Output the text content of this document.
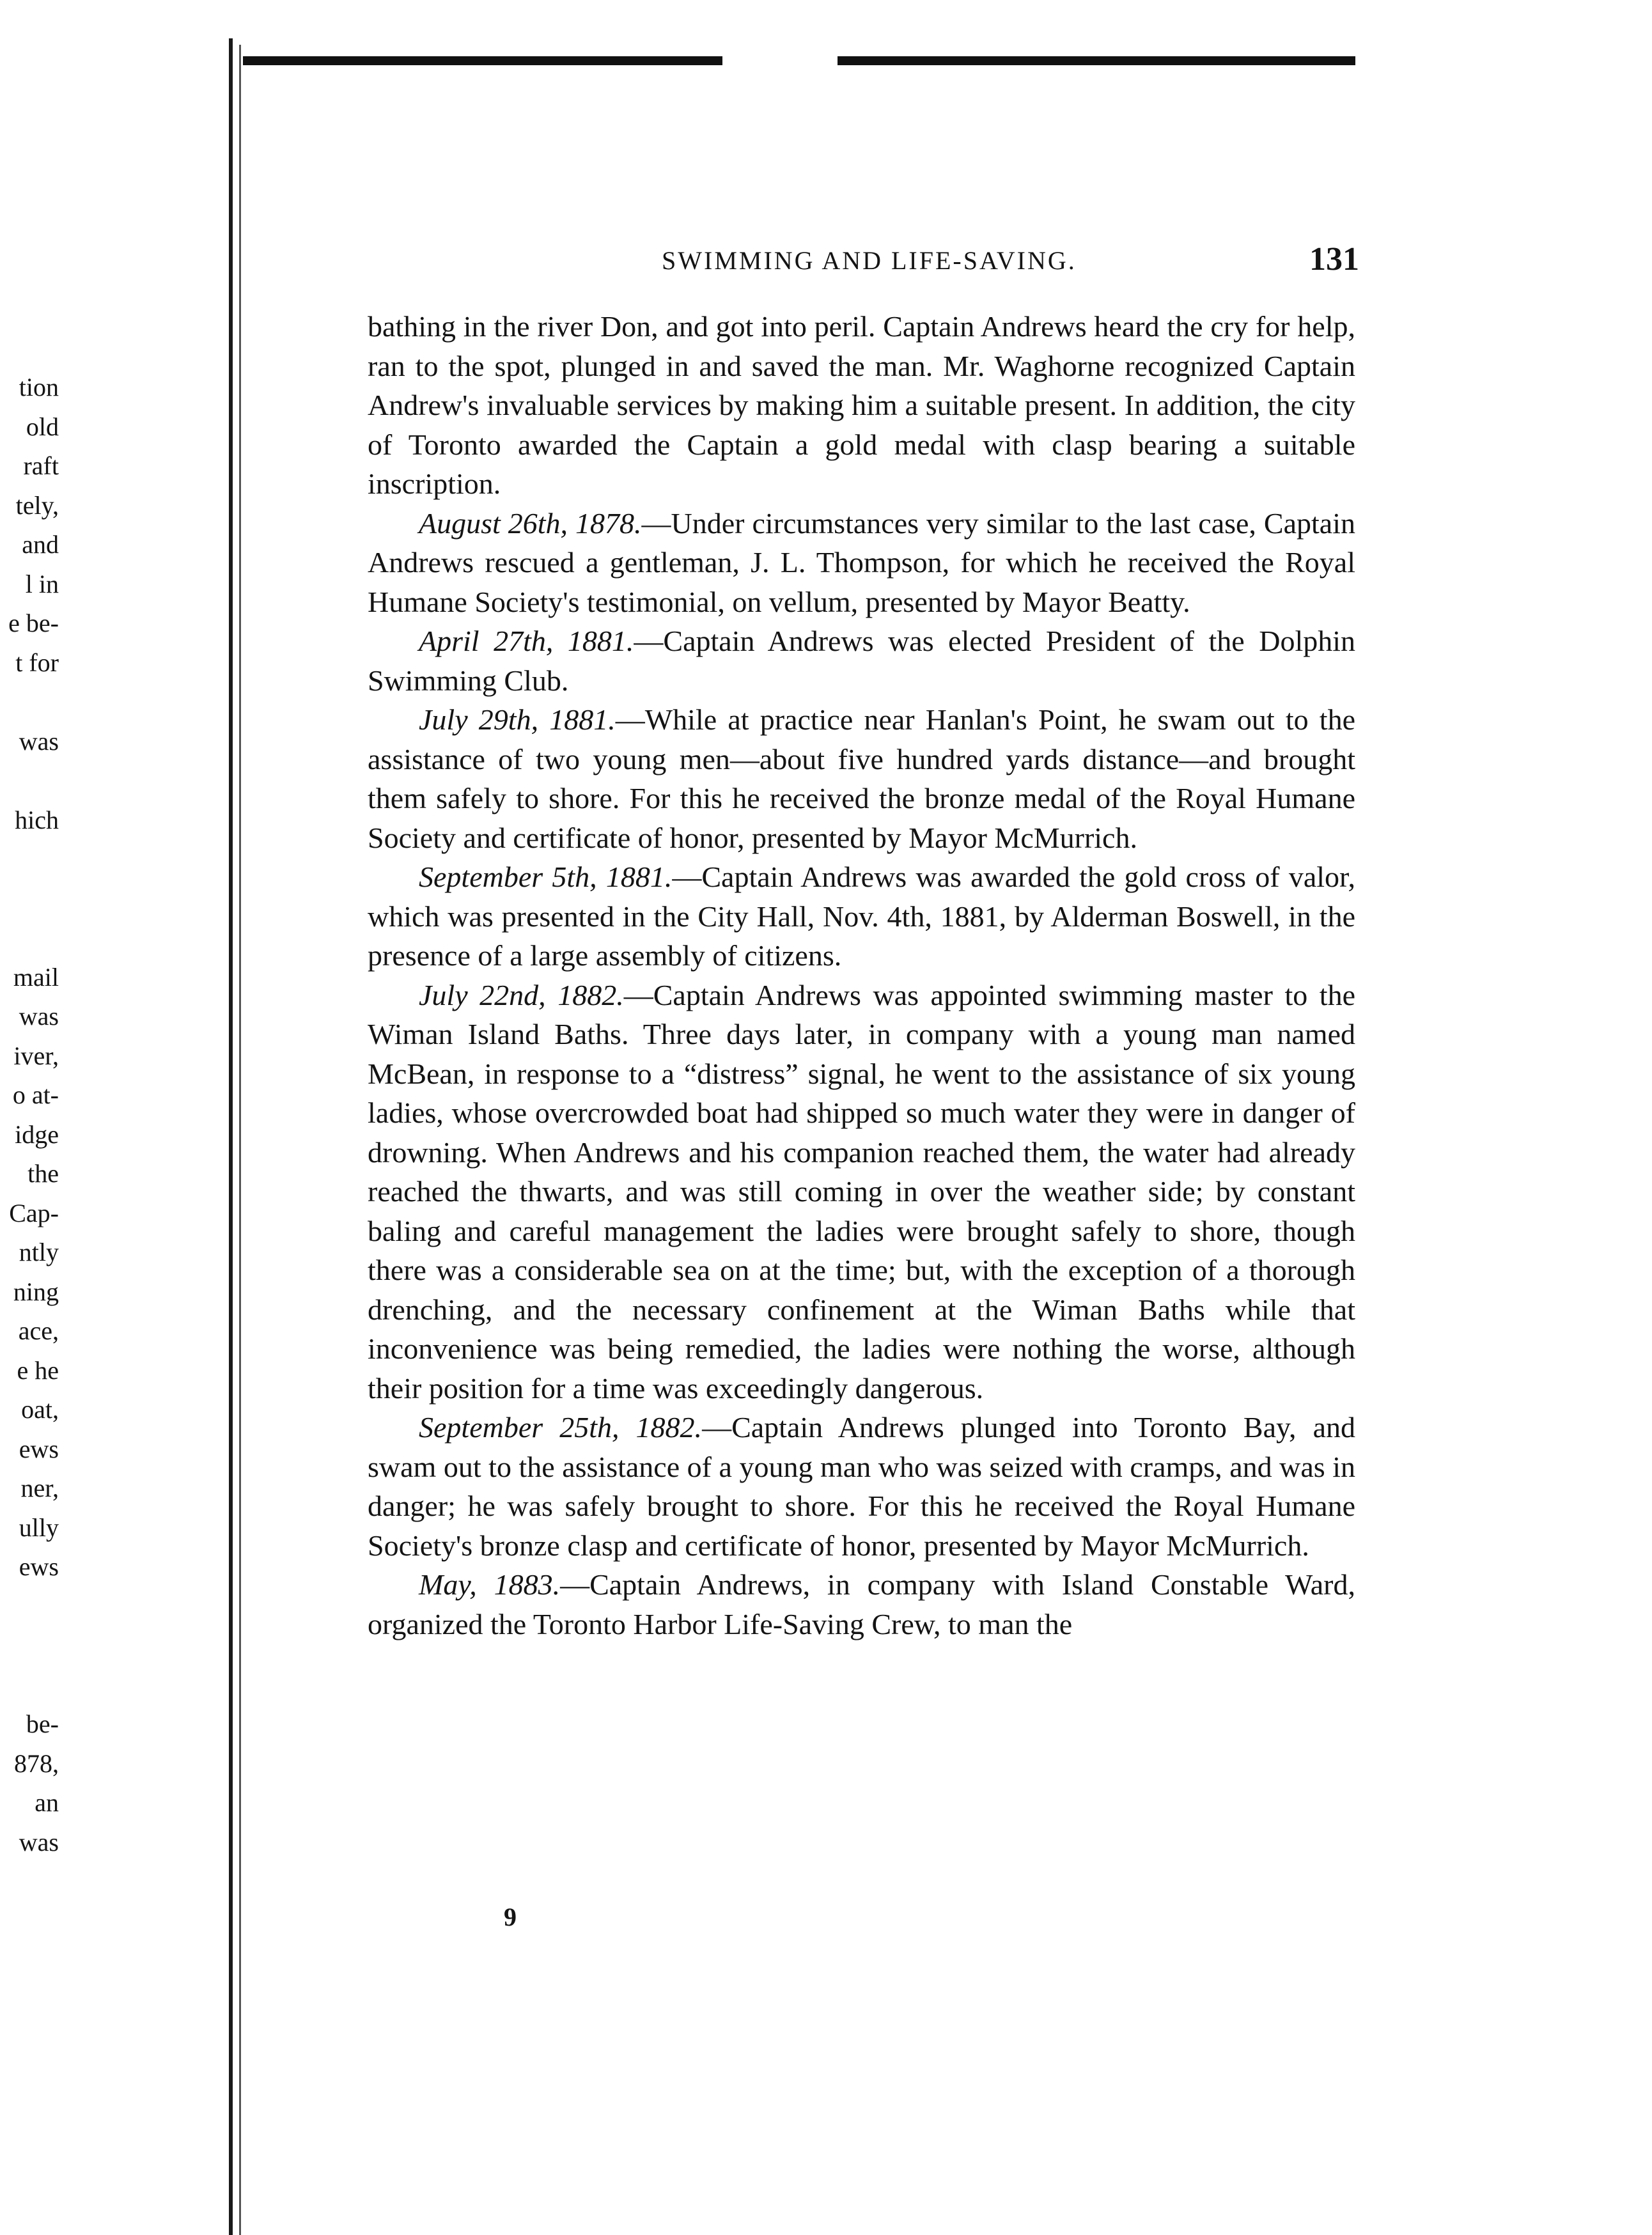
tion
old
raft
tely,
and
l in
e be-
t for
was
hich
mail
was
iver,
o at-
idge
the
Cap-
ntly
ning
ace,
e he
oat,
ews
ner,
ully
ews
be-
878,
an
was
SWIMMING AND LIFE-SAVING.	131

bathing in the river Don, and got into peril. Captain Andrews heard the cry for help, ran to the spot, plunged in and saved the man. Mr. Waghorne recognized Captain Andrew's invaluable services by making him a suitable present. In addition, the city of Toronto awarded the Captain a gold medal with clasp bearing a suitable inscription.

August 26th, 1878.—Under circumstances very similar to the last case, Captain Andrews rescued a gentleman, J. L. Thompson, for which he received the Royal Humane Society's testimonial, on vellum, presented by Mayor Beatty.

April 27th, 1881.—Captain Andrews was elected President of the Dolphin Swimming Club.

July 29th, 1881.—While at practice near Hanlan's Point, he swam out to the assistance of two young men—about five hundred yards distance—and brought them safely to shore. For this he received the bronze medal of the Royal Humane Society and certificate of honor, presented by Mayor McMurrich.

September 5th, 1881.—Captain Andrews was awarded the gold cross of valor, which was presented in the City Hall, Nov. 4th, 1881, by Alderman Boswell, in the presence of a large assembly of citizens.

July 22nd, 1882.—Captain Andrews was appointed swimming master to the Wiman Island Baths. Three days later, in company with a young man named McBean, in response to a “distress” signal, he went to the assistance of six young ladies, whose overcrowded boat had shipped so much water they were in danger of drowning. When Andrews and his companion reached them, the water had already reached the thwarts, and was still coming in over the weather side; by constant baling and careful management the ladies were brought safely to shore, though there was a considerable sea on at the time; but, with the exception of a thorough drenching, and the necessary confinement at the Wiman Baths while that inconvenience was being remedied, the ladies were nothing the worse, although their position for a time was exceedingly dangerous.

September 25th, 1882.—Captain Andrews plunged into Toronto Bay, and swam out to the assistance of a young man who was seized with cramps, and was in danger; he was safely brought to shore. For this he received the Royal Humane Society's bronze clasp and certificate of honor, presented by Mayor McMurrich.

May, 1883.—Captain Andrews, in company with Island Constable Ward, organized the Toronto Harbor Life-Saving Crew, to man the

9
